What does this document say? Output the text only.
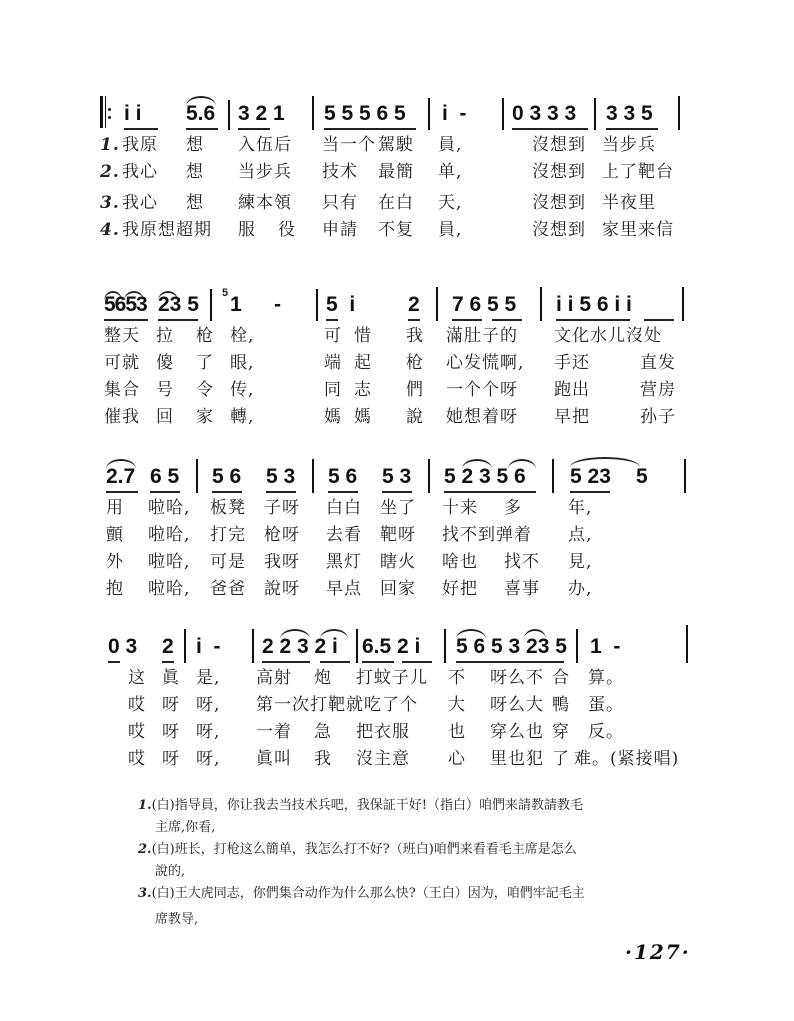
i i 5.6 3 2 1 5 5 5 6 5 i  - 0 3 3 3 3 3 5
1. 我原 想 入伍后 当一个 駕駛 員,	沒想到 当步兵
2. 我心 想 当步兵 技术 最簡 单,	沒想到 上了靶台
3. 我心 想 練本領 只有 在白 天,	沒想到 半夜里
4. 我原想超期 服 役 申請 不复 員,	沒想到 家里来信
5653 23 5 5 1 - 5  i	2 7 6 5 5 i i 5 6 i i
整天 拉 枪 栓,	可 惜 我 滿肚子的 文化水儿沒处
可就 傻 了 眼,	端 起 枪 心发慌啊, 手还	直发
集合 号 令 传,	同 志 們 一个个呀 跑出	营房
催我 回 家 轉,	媽 媽 說 她想着呀 早把	孙子
2.7 6 5 5 6 5 3 5 6 5 3 5 2 3 5 6 5 23 5
用 啦哈, 板凳 子呀 白白 坐了 十来 多	年,
顫 啦哈, 打完 枪呀 去看 靶呀 找不到弹着 点,
外 啦哈, 可是 我呀 黑灯 瞎火 啥也 找不 見,
抱 啦哈, 爸爸 說呀 早点 回家 好把 喜事 办,
0 3 2 i  - 2 2 3 2 i 6.5 2 i 5 6 5 3 23 5 1  -
这 眞 是, 高射 炮 打蚊子儿 不 呀么不 合 算。
哎 呀 呀, 第一次打靶就吃了个 大 呀么大 鴨 蛋。
哎 呀 呀, 一着 急 把衣服 也 穿么也 穿 反。
哎 呀 呀, 眞叫 我 沒主意 心 里也犯 了 难。(紧接唱)
1.(白)指导員，你让我去当技术兵吧，我保証干好!（指白）咱們来請教請教毛
主席,你看,
2.(白)班长，打枪这么簡单，我怎么打不好?（班白)咱們来看看毛主席是怎么
說的,
3.(白)王大虎同志，你們集合动作为什么那么快?（王白）因为，咱們牢記毛主
席教导,
·127·
